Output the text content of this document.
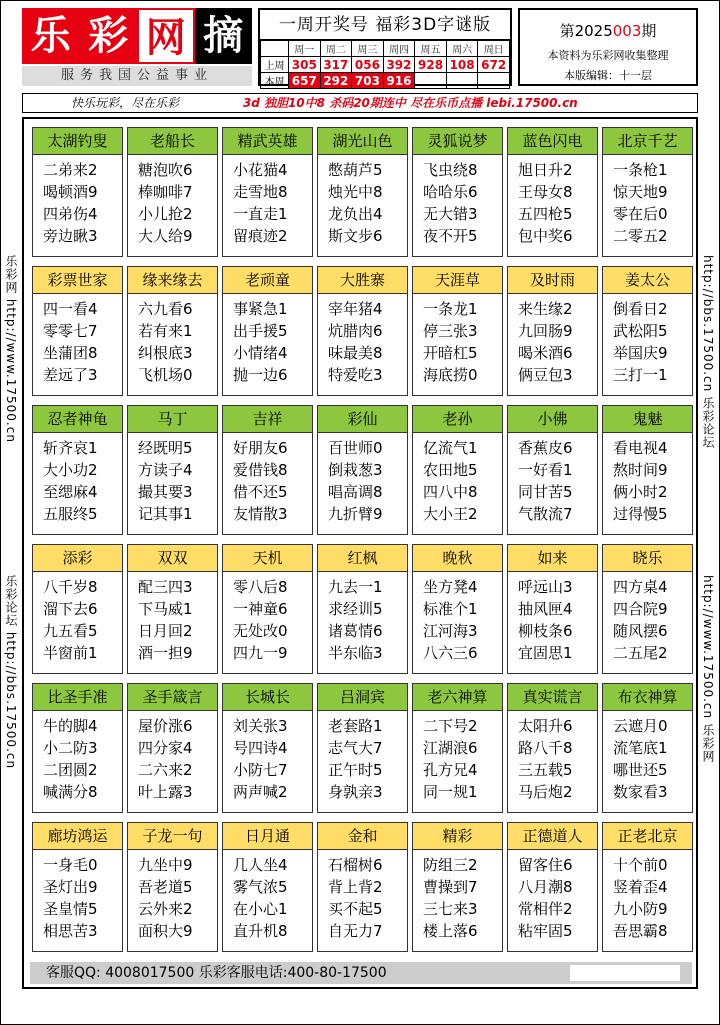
乐 彩 网 摘
服务我国公益事业
一周开奖号 福彩3D字谜版
	周一	周二	周三	周四	周五	周六	周日
上周	305	317	056	392	928	108	672
本周	657	292	703	916			
第2025003期
本资料为乐彩网收集整理
本版编辑：十一层
快乐玩彩，尽在乐彩	3d 独胆10中8 杀码20期连中 尽在乐币点播 lebi.17500.cn
乐彩网 http://www.17500.cn
乐彩论坛 http://bbs.17500.cn
http://bbs.17500.cn 乐彩论坛
http://www.17500.cn 乐彩网
太湖钓叟
二弟来2
喝顿酒9
四弟伤4
旁边瞅3
老船长
糖泡吹6
棒咖啡7
小儿抢2
大人给9
精武英雄
小花猫4
走雪地8
一直走1
留痕迹2
湖光山色
憋葫芦5
烛光中8
龙负出4
斯文步6
灵狐说梦
飞虫绕8
哈哈乐6
无大错3
夜不开5
蓝色闪电
旭日升2
王母女8
五四枪5
包中奖6
北京千艺
一条枪1
惊天地9
零在后0
二零五2
彩票世家
四一看4
零零七7
坐蒲团8
差远了3
缘来缘去
六九看6
若有来1
纠根底3
飞机场0
老顽童
事紧急1
出手援5
小情绪4
抛一边6
大胜寨
宰年猪4
炕腊肉6
味最美8
特爱吃3
天涯草
一条龙1
停三张3
开暗杠5
海底捞0
及时雨
来生缘2
九回肠9
喝米酒6
俩豆包3
姜太公
倒看日2
武松阳5
举国庆9
三打一1
忍者神龟
斩齐哀1
大小功2
至缌麻4
五服终5
马丁
经既明5
方读子4
撮其要3
记其事1
吉祥
好朋友6
爱借钱8
借不还5
友情散3
彩仙
百世师0
倒栽葱3
唱高调8
九折臂9
老孙
亿流气1
农田地5
四八中8
大小王2
小佛
香蕉皮6
一好看1
同甘苦5
气散流7
鬼魅
看电视4
熬时间9
俩小时2
过得慢5
添彩
八千岁8
溜下去6
九五看5
半窗前1
双双
配三四3
下马威1
日月回2
酒一担9
天机
零八后8
一神童6
无处改0
四九一9
红枫
九去一1
求经训5
诸葛情6
半东临3
晚秋
坐方凳4
标准个1
江河海3
八六三6
如来
呼远山3
抽风匣4
柳枝条6
宜固思1
晓乐
四方桌4
四合院9
随风摆6
二五尾2
比圣手准
牛的脚4
小二防3
二团圆2
喊满分8
圣手箴言
屋价涨6
四分家4
二六来2
叶上露3
长城长
刘关张3
号四诗4
小防七7
两声喊2
吕洞宾
老套路1
志气大7
正午时5
身孰亲3
老六神算
二下号2
江湖浪6
孔方兄4
同一规1
真实谎言
太阳升6
路八千8
三五载5
马后炮2
布衣神算
云遮月0
流笔底1
哪世还5
数家看3
廊坊鸿运
一身毛0
圣灯出9
圣皇情5
相思苦3
子龙一句
九坐中9
吾老道5
云外来2
面积大9
日月通
几人坐4
雾气浓5
在小心1
直升机8
金和
石榴树6
背上背2
买不起5
自无力7
精彩
防组三2
曹操到7
三七来3
楼上落6
正德道人
留客住6
八月潮8
常相伴2
粘牢固5
正老北京
十个前0
竖着歪4
九小防9
吾思霸8
客服QQ: 4008017500 乐彩客服电话:400-80-17500
